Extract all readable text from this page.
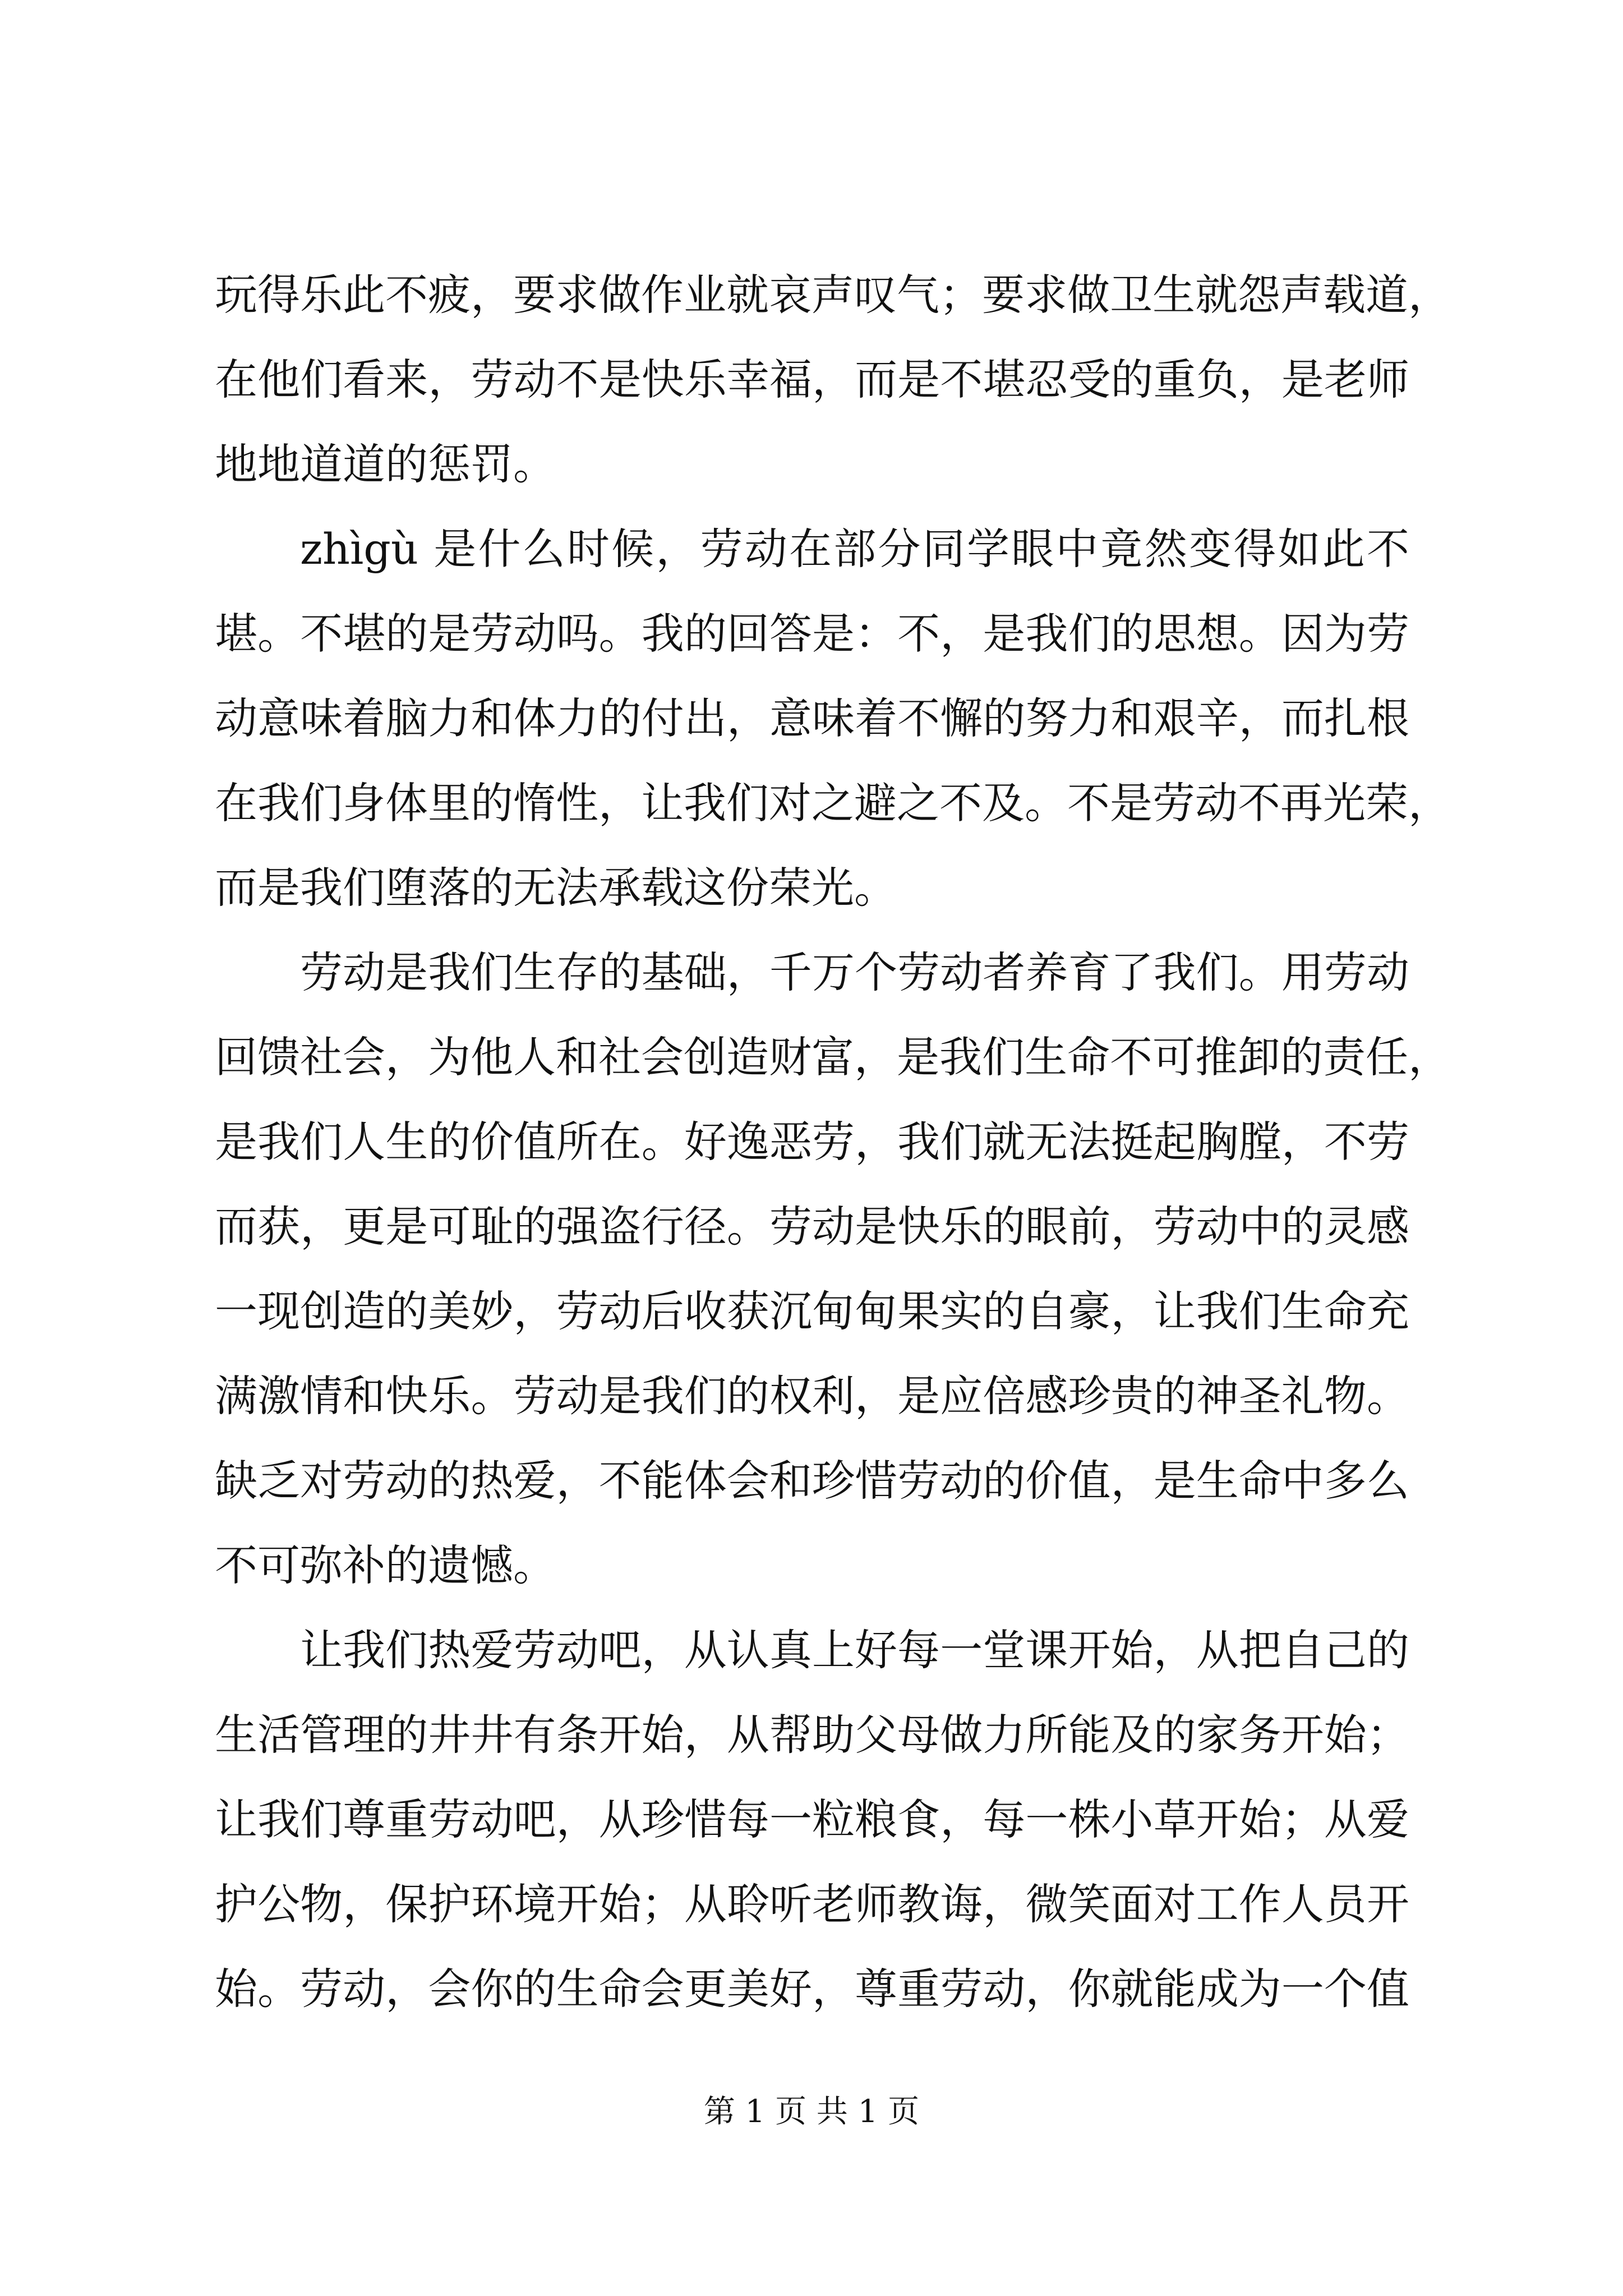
玩得乐此不疲，要求做作业就哀声叹气；要求做卫生就怨声载道，
在他们看来，劳动不是快乐幸福，而是不堪忍受的重负，是老师
地地道道的惩罚。
zhìgù 是什么时候，劳动在部分同学眼中竟然变得如此不
堪。不堪的是劳动吗。我的回答是：不，是我们的思想。因为劳
动意味着脑力和体力的付出，意味着不懈的努力和艰辛，而扎根
在我们身体里的惰性，让我们对之避之不及。不是劳动不再光荣，
而是我们堕落的无法承载这份荣光。
劳动是我们生存的基础，千万个劳动者养育了我们。用劳动
回馈社会，为他人和社会创造财富，是我们生命不可推卸的责任，
是我们人生的价值所在。好逸恶劳，我们就无法挺起胸膛，不劳
而获，更是可耻的强盗行径。劳动是快乐的眼前，劳动中的灵感
一现创造的美妙，劳动后收获沉甸甸果实的自豪，让我们生命充
满激情和快乐。劳动是我们的权利，是应倍感珍贵的神圣礼物。
缺乏对劳动的热爱，不能体会和珍惜劳动的价值，是生命中多么
不可弥补的遗憾。
让我们热爱劳动吧，从认真上好每一堂课开始，从把自己的
生活管理的井井有条开始，从帮助父母做力所能及的家务开始；
让我们尊重劳动吧，从珍惜每一粒粮食，每一株小草开始；从爱
护公物，保护环境开始；从聆听老师教诲，微笑面对工作人员开
始。劳动，会你的生命会更美好，尊重劳动，你就能成为一个值
第 1 页 共 1 页
